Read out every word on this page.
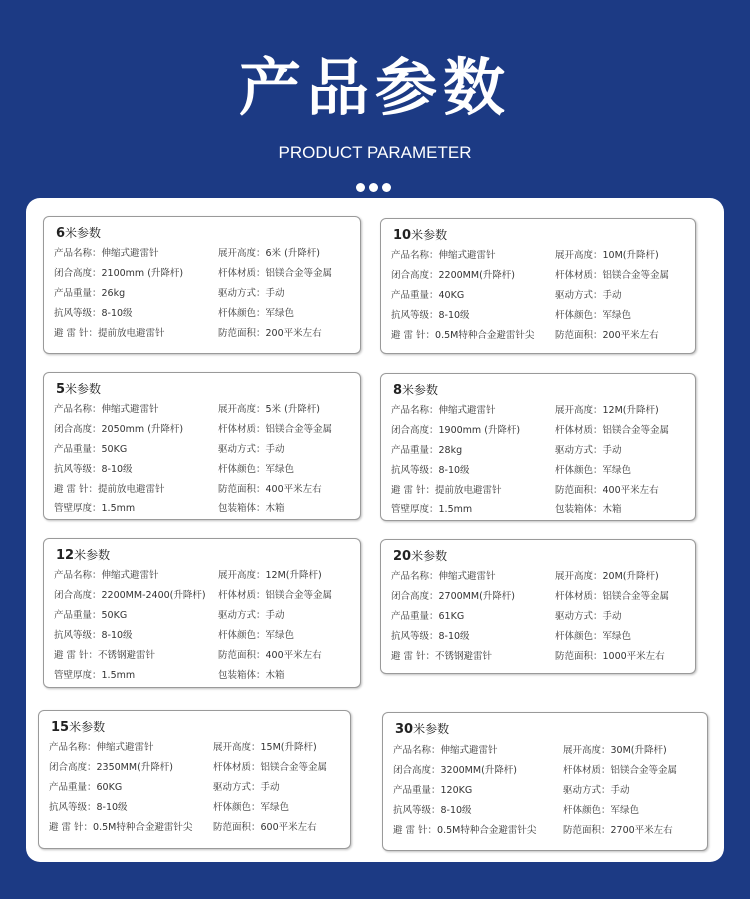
产品参数
PRODUCT PARAMETER
6米参数
产品名称：伸缩式避雷针	展开高度：6米 (升降杆)
闭合高度：2100mm (升降杆)	杆体材质：铝镁合金等金属
产品重量：26kg	驱动方式：手动
抗风等级：8-10级	杆体颜色：军绿色
避 雷 针：提前放电避雷针	防范面积：200平米左右
10米参数
产品名称：伸缩式避雷针	展开高度：10M(升降杆)
闭合高度：2200MM(升降杆)	杆体材质：铝镁合金等金属
产品重量：40KG	驱动方式：手动
抗风等级：8-10级	杆体颜色：军绿色
避 雷 针：0.5M特种合金避雷针尖 防范面积：200平米左右
5米参数
产品名称：伸缩式避雷针	展开高度：5米 (升降杆)
闭合高度：2050mm (升降杆)	杆体材质：铝镁合金等金属
产品重量：50KG	驱动方式：手动
抗风等级：8-10级	杆体颜色：军绿色
避 雷 针：提前放电避雷针	防范面积：400平米左右
管壁厚度：1.5mm	包装箱体：木箱
8米参数
产品名称：伸缩式避雷针	展开高度：12M(升降杆)
闭合高度：1900mm (升降杆)	杆体材质：铝镁合金等金属
产品重量：28kg	驱动方式：手动
抗风等级：8-10级	杆体颜色：军绿色
避 雷 针：提前放电避雷针	防范面积：400平米左右
管壁厚度：1.5mm	包装箱体：木箱
12米参数
产品名称：伸缩式避雷针	展开高度：12M(升降杆)
闭合高度：2200MM-2400(升降杆) 杆体材质：铝镁合金等金属
产品重量：50KG	驱动方式：手动
抗风等级：8-10级	杆体颜色：军绿色
避 雷 针：不锈钢避雷针	防范面积：400平米左右
管壁厚度：1.5mm	包装箱体：木箱
20米参数
产品名称：伸缩式避雷针	展开高度：20M(升降杆)
闭合高度：2700MM(升降杆)	杆体材质：铝镁合金等金属
产品重量：61KG	驱动方式：手动
抗风等级：8-10级	杆体颜色：军绿色
避 雷 针：不锈钢避雷针	防范面积：1000平米左右
15米参数
产品名称：伸缩式避雷针	展开高度：15M(升降杆)
闭合高度：2350MM(升降杆)	杆体材质：铝镁合金等金属
产品重量：60KG	驱动方式：手动
抗风等级：8-10级	杆体颜色：军绿色
避 雷 针：0.5M特种合金避雷针尖 防范面积：600平米左右
30米参数
产品名称：伸缩式避雷针	展开高度：30M(升降杆)
闭合高度：3200MM(升降杆)	杆体材质：铝镁合金等金属
产品重量：120KG	驱动方式：手动
抗风等级：8-10级	杆体颜色：军绿色
避 雷 针：0.5M特种合金避雷针尖	防范面积：2700平米左右
